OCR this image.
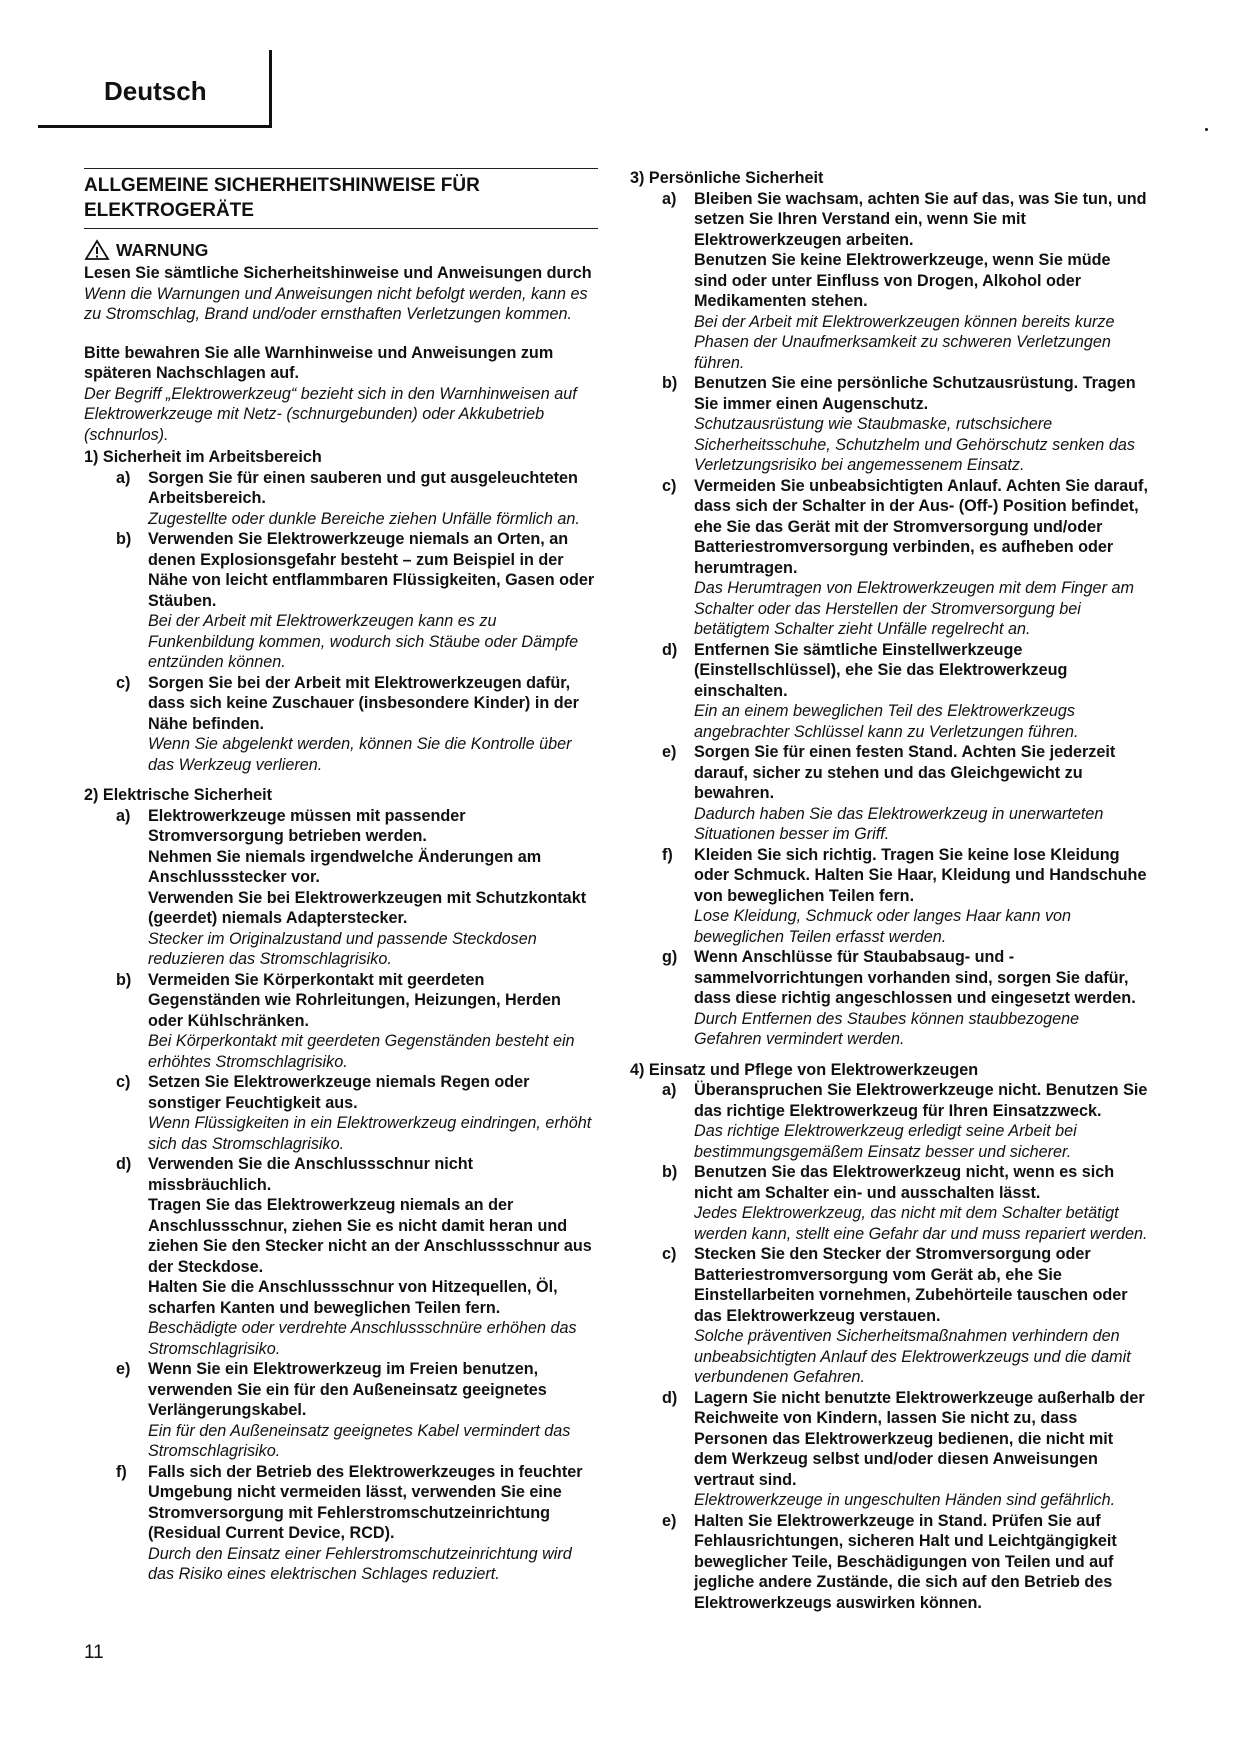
Deutsch
ALLGEMEINE SICHERHEITSHINWEISE FÜR ELEKTROGERÄTE
WARNUNG

Lesen Sie sämtliche Sicherheitshinweise und Anweisungen durch

Wenn die Warnungen und Anweisungen nicht befolgt werden, kann es zu Stromschlag, Brand und/oder ernsthaften Verletzungen kommen.

Bitte bewahren Sie alle Warnhinweise und Anweisungen zum späteren Nachschlagen auf.

Der Begriff „Elektrowerkzeug“ bezieht sich in den Warnhinweisen auf Elektrowerkzeuge mit Netz- (schnurgebunden) oder Akkubetrieb (schnurlos).

1) Sicherheit im Arbeitsbereich

a)	Sorgen Sie für einen sauberen und gut ausgeleuchteten Arbeitsbereich.

Zugestellte oder dunkle Bereiche ziehen Unfälle förmlich an.

b)	Verwenden Sie Elektrowerkzeuge niemals an Orten, an denen Explosionsgefahr besteht – zum Beispiel in der Nähe von leicht entflammbaren Flüssigkeiten, Gasen oder Stäuben.

Bei der Arbeit mit Elektrowerkzeugen kann es zu Funkenbildung kommen, wodurch sich Stäube oder Dämpfe entzünden können.

c)	Sorgen Sie bei der Arbeit mit Elektrowerkzeugen dafür, dass sich keine Zuschauer (insbesondere Kinder) in der Nähe befinden.

Wenn Sie abgelenkt werden, können Sie die Kontrolle über das Werkzeug verlieren.

2) Elektrische Sicherheit

a)	Elektrowerkzeuge müssen mit passender Stromversorgung betrieben werden.

Nehmen Sie niemals irgendwelche Änderungen am Anschlussstecker vor.

Verwenden Sie bei Elektrowerkzeugen mit Schutzkontakt (geerdet) niemals Adapterstecker.

Stecker im Originalzustand und passende Steckdosen reduzieren das Stromschlagrisiko.

b)	Vermeiden Sie Körperkontakt mit geerdeten Gegenständen wie Rohrleitungen, Heizungen, Herden oder Kühlschränken.

Bei Körperkontakt mit geerdeten Gegenständen besteht ein erhöhtes Stromschlagrisiko.

c)	Setzen Sie Elektrowerkzeuge niemals Regen oder sonstiger Feuchtigkeit aus.

Wenn Flüssigkeiten in ein Elektrowerkzeug eindringen, erhöht sich das Stromschlagrisiko.

d)	Verwenden Sie die Anschlussschnur nicht missbräuchlich.

Tragen Sie das Elektrowerkzeug niemals an der Anschlussschnur, ziehen Sie es nicht damit heran und ziehen Sie den Stecker nicht an der Anschlussschnur aus der Steckdose.

Halten Sie die Anschlussschnur von Hitzequellen, Öl, scharfen Kanten und beweglichen Teilen fern.

Beschädigte oder verdrehte Anschlussschnüre erhöhen das Stromschlagrisiko.

e)	Wenn Sie ein Elektrowerkzeug im Freien benutzen, verwenden Sie ein für den Außeneinsatz geeignetes Verlängerungskabel.

Ein für den Außeneinsatz geeignetes Kabel vermindert das Stromschlagrisiko.

f)	Falls sich der Betrieb des Elektrowerkzeuges in feuchter Umgebung nicht vermeiden lässt, verwenden Sie eine Stromversorgung mit Fehlerstromschutzeinrichtung (Residual Current Device, RCD).

Durch den Einsatz einer Fehlerstromschutzeinrichtung wird das Risiko eines elektrischen Schlages reduziert.

3) Persönliche Sicherheit

a)	Bleiben Sie wachsam, achten Sie auf das, was Sie tun, und setzen Sie Ihren Verstand ein, wenn Sie mit Elektrowerkzeugen arbeiten.

Benutzen Sie keine Elektrowerkzeuge, wenn Sie müde sind oder unter Einfluss von Drogen, Alkohol oder Medikamenten stehen.

Bei der Arbeit mit Elektrowerkzeugen können bereits kurze Phasen der Unaufmerksamkeit zu schweren Verletzungen führen.

b)	Benutzen Sie eine persönliche Schutzausrüstung. Tragen Sie immer einen Augenschutz.

Schutzausrüstung wie Staubmaske, rutschsichere Sicherheitsschuhe, Schutzhelm und Gehörschutz senken das Verletzungsrisiko bei angemessenem Einsatz.

c)	Vermeiden Sie unbeabsichtigten Anlauf. Achten Sie darauf, dass sich der Schalter in der Aus- (Off-) Position befindet, ehe Sie das Gerät mit der Stromversorgung und/oder Batteriestromversorgung verbinden, es aufheben oder herumtragen.

Das Herumtragen von Elektrowerkzeugen mit dem Finger am Schalter oder das Herstellen der Stromversorgung bei betätigtem Schalter zieht Unfälle regelrecht an.

d)	Entfernen Sie sämtliche Einstellwerkzeuge (Einstellschlüssel), ehe Sie das Elektrowerkzeug einschalten.

Ein an einem beweglichen Teil des Elektrowerkzeugs angebrachter Schlüssel kann zu Verletzungen führen.

e)	Sorgen Sie für einen festen Stand. Achten Sie jederzeit darauf, sicher zu stehen und das Gleichgewicht zu bewahren.

Dadurch haben Sie das Elektrowerkzeug in unerwarteten Situationen besser im Griff.

f)	Kleiden Sie sich richtig. Tragen Sie keine lose Kleidung oder Schmuck. Halten Sie Haar, Kleidung und Handschuhe von beweglichen Teilen fern.

Lose Kleidung, Schmuck oder langes Haar kann von beweglichen Teilen erfasst werden.

g)	Wenn Anschlüsse für Staubabsaug- und -sammelvorrichtungen vorhanden sind, sorgen Sie dafür, dass diese richtig angeschlossen und eingesetzt werden.

Durch Entfernen des Staubes können staubbezogene Gefahren vermindert werden.

4) Einsatz und Pflege von Elektrowerkzeugen

a)	Überanspruchen Sie Elektrowerkzeuge nicht. Benutzen Sie das richtige Elektrowerkzeug für Ihren Einsatzzweck.

Das richtige Elektrowerkzeug erledigt seine Arbeit bei bestimmungsgemäßem Einsatz besser und sicherer.

b)	Benutzen Sie das Elektrowerkzeug nicht, wenn es sich nicht am Schalter ein- und ausschalten lässt.

Jedes Elektrowerkzeug, das nicht mit dem Schalter betätigt werden kann, stellt eine Gefahr dar und muss repariert werden.

c)	Stecken Sie den Stecker der Stromversorgung oder Batteriestromversorgung vom Gerät ab, ehe Sie Einstellarbeiten vornehmen, Zubehörteile tauschen oder das Elektrowerkzeug verstauen.

Solche präventiven Sicherheitsmaßnahmen verhindern den unbeabsichtigten Anlauf des Elektrowerkzeugs und die damit verbundenen Gefahren.

d)	Lagern Sie nicht benutzte Elektrowerkzeuge außerhalb der Reichweite von Kindern, lassen Sie nicht zu, dass Personen das Elektrowerkzeug bedienen, die nicht mit dem Werkzeug selbst und/oder diesen Anweisungen vertraut sind.

Elektrowerkzeuge in ungeschulten Händen sind gefährlich.

e)	Halten Sie Elektrowerkzeuge in Stand. Prüfen Sie auf Fehlausrichtungen, sicheren Halt und Leichtgängigkeit beweglicher Teile, Beschädigungen von Teilen und auf jegliche andere Zustände, die sich auf den Betrieb des Elektrowerkzeugs auswirken können.

11
